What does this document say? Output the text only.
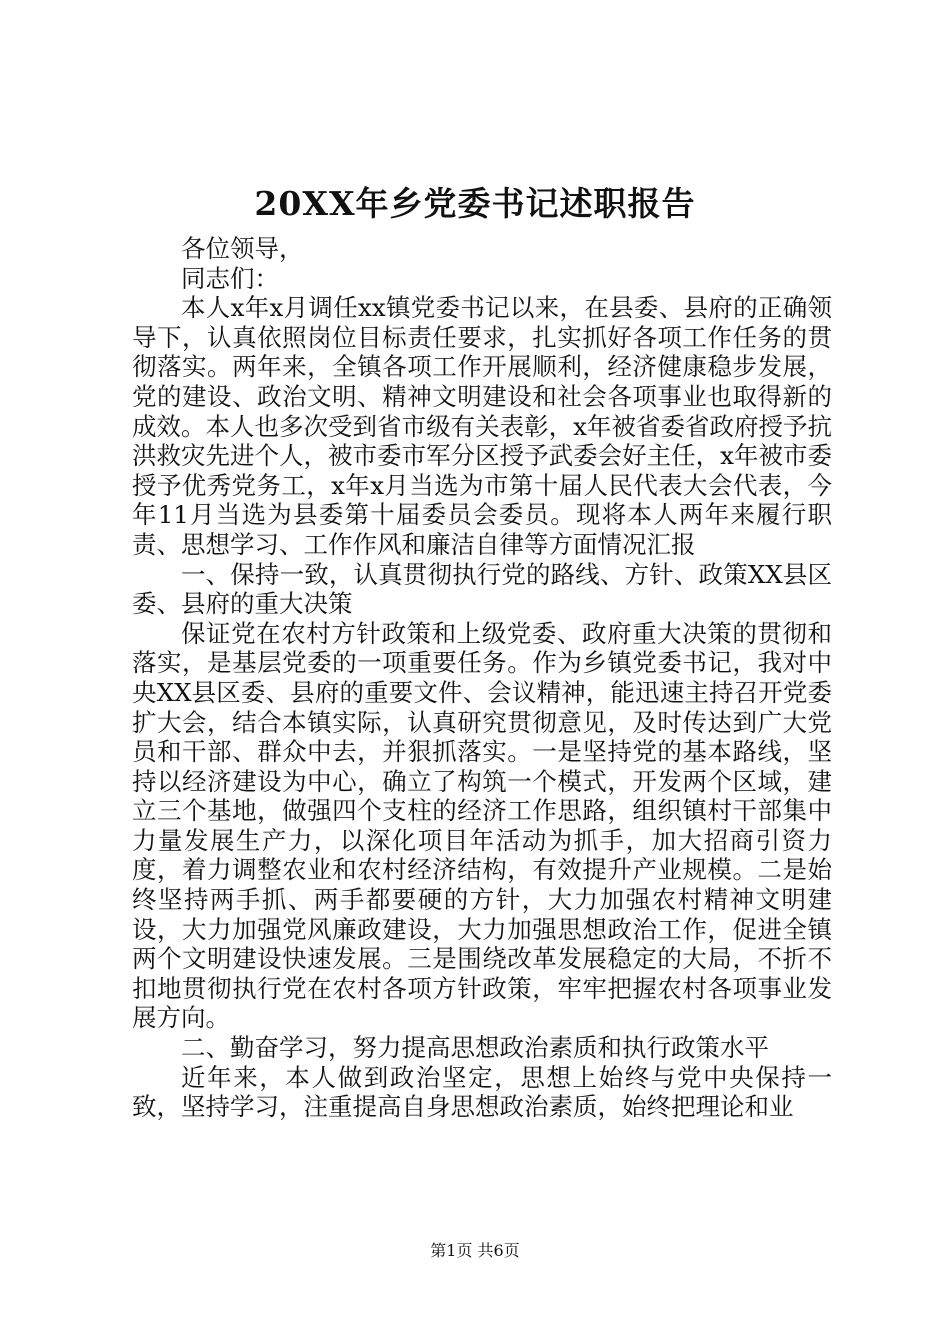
20XX年乡党委书记述职报告

各位领导，

同志们：

本人x年x月调任xx镇党委书记以来，在县委、县府的正确领导下，认真依照岗位目标责任要求，扎实抓好各项工作任务的贯彻落实。两年来，全镇各项工作开展顺利，经济健康稳步发展，党的建设、政治文明、精神文明建设和社会各项事业也取得新的成效。本人也多次受到省市级有关表彰，x年被省委省政府授予抗洪救灾先进个人，被市委市军分区授予武委会好主任，x年被市委授予优秀党务工，x年x月当选为市第十届人民代表大会代表，今年11月当选为县委第十届委员会委员。现将本人两年来履行职责、思想学习、工作作风和廉洁自律等方面情况汇报

一、保持一致，认真贯彻执行党的路线、方针、政策XX县区委、县府的重大决策

保证党在农村方针政策和上级党委、政府重大决策的贯彻和落实，是基层党委的一项重要任务。作为乡镇党委书记，我对中央XX县区委、县府的重要文件、会议精神，能迅速主持召开党委扩大会，结合本镇实际，认真研究贯彻意见，及时传达到广大党员和干部、群众中去，并狠抓落实。一是坚持党的基本路线，坚持以经济建设为中心，确立了构筑一个模式，开发两个区域，建立三个基地，做强四个支柱的经济工作思路，组织镇村干部集中力量发展生产力，以深化项目年活动为抓手，加大招商引资力度，着力调整农业和农村经济结构，有效提升产业规模。二是始终坚持两手抓、两手都要硬的方针，大力加强农村精神文明建设，大力加强党风廉政建设，大力加强思想政治工作，促进全镇两个文明建设快速发展。三是围绕改革发展稳定的大局，不折不扣地贯彻执行党在农村各项方针政策，牢牢把握农村各项事业发展方向。

二、勤奋学习，努力提高思想政治素质和执行政策水平

近年来，本人做到政治坚定，思想上始终与党中央保持一致，坚持学习，注重提高自身思想政治素质，始终把理论和业

第1页 共6页
